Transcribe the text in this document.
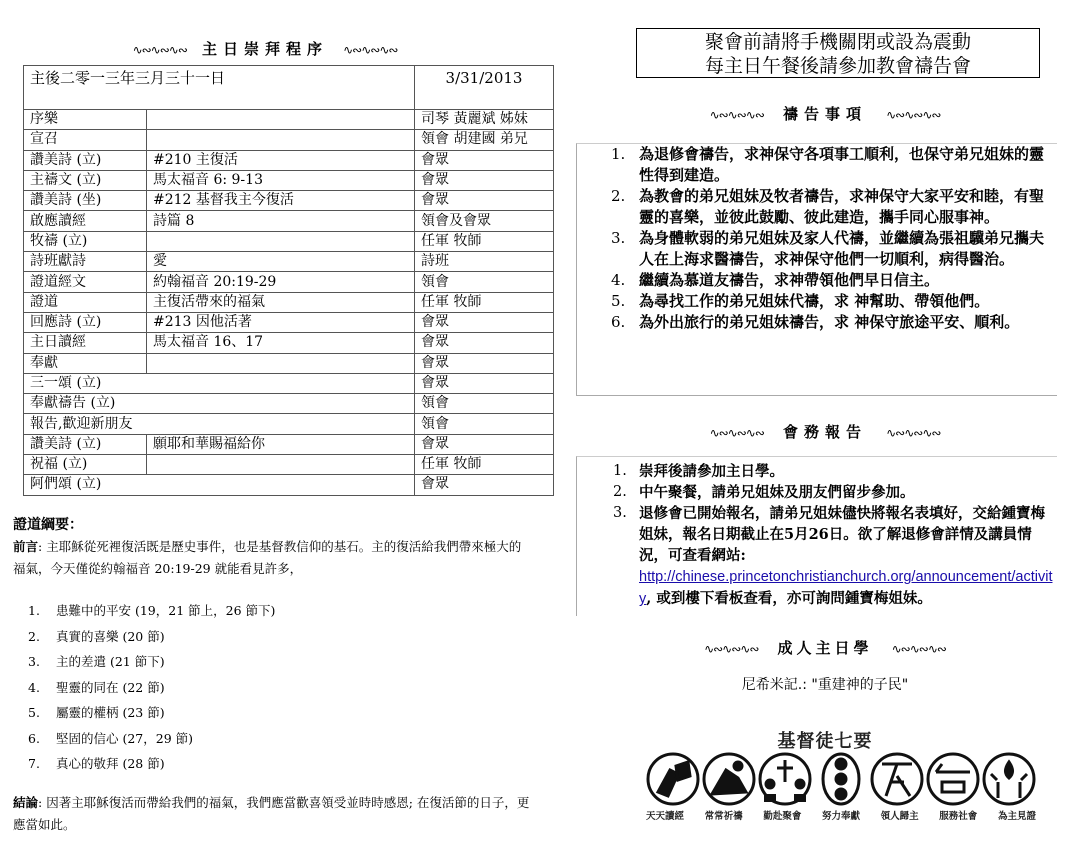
∿∾∿∾∿∾ 主日崇拜程序 ∿∾∿∾∿∾
主後二零一三年三月三十一日		3/31/2013
序樂		司琴 黃麗斌 姊妹
宣召		領會 胡建國 弟兄
讚美詩 (立)	#210 主復活	會眾
主禱文 (立)	馬太福音 6: 9-13	會眾
讚美詩 (坐)	#212 基督我主今復活	會眾
啟應讀經	詩篇 8	領會及會眾
牧禱 (立)		任軍 牧師
詩班獻詩	愛	詩班
證道經文	約翰福音 20:19-29	領會
證道	主復活帶來的福氣	任軍 牧師
回應詩 (立)	#213 因他活著	會眾
主日讀經	馬太福音 16、17	會眾
奉獻		會眾
三一頌 (立)		會眾
奉獻禱告 (立)		領會
報告,歡迎新朋友		領會
讚美詩 (立)	願耶和華賜福給你	會眾
祝福 (立)		任軍 牧師
阿們頌 (立)		會眾
證道綱要：
前言: 主耶穌從死裡復活既是歷史事件，也是基督教信仰的基石。主的復活給我們帶來極大的福氣，今天僅從約翰福音 20:19-29 就能看見許多，
1. 患難中的平安 (19，21 節上，26 節下)
2. 真實的喜樂 (20 節)
3. 主的差遣 (21 節下)
4. 聖靈的同在 (22 節)
5. 屬靈的權柄 (23 節)
6. 堅固的信心 (27，29 節)
7. 真心的敬拜 (28 節)
結論: 因著主耶穌復活而帶給我們的福氣，我們應當歡喜領受並時時感恩; 在復活節的日子，更應當如此。
聚會前請將手機關閉或設為震動
每主日午餐後請參加教會禱告會
∿∾∿∾∿∾ 禱告事項 ∿∾∿∾∿∾
1. 為退修會禱告，求神保守各項事工順利，也保守弟兄姐妹的靈性得到建造。
2. 為教會的弟兄姐妹及牧者禱告，求神保守大家平安和睦，有聖靈的喜樂，並彼此鼓勵、彼此建造，攜手同心服事神。
3. 為身體軟弱的弟兄姐妹及家人代禱，並繼續為張祖驥弟兄攜夫人在上海求醫禱告，求神保守他們一切順利，病得醫治。
4. 繼續為慕道友禱告，求神帶領他們早日信主。
5. 為尋找工作的弟兄姐妹代禱，求 神幫助、帶領他們。
6. 為外出旅行的弟兄姐妹禱告，求 神保守旅途平安、順利。
∿∾∿∾∿∾ 會務報告 ∿∾∿∾∿∾
1. 崇拜後請參加主日學。
2. 中午聚餐，請弟兄姐妹及朋友們留步參加。
3. 退修會已開始報名，請弟兄姐妹儘快將報名表填好，交給鍾寶梅姐妹，報名日期截止在5月26日。欲了解退修會詳情及講員情況，可查看網站:
http://chinese.princetonchristianchurch.org/announcement/activity, 或到樓下看板查看，亦可詢問鍾寶梅姐妹。
∿∾∿∾∿∾ 成人主日學 ∿∾∿∾∿∾
尼希米記.: "重建神的子民"
基督徒七要
天天讀經 常常祈禱 勤赴聚會 努力奉獻 領人歸主 服務社會 為主見證
